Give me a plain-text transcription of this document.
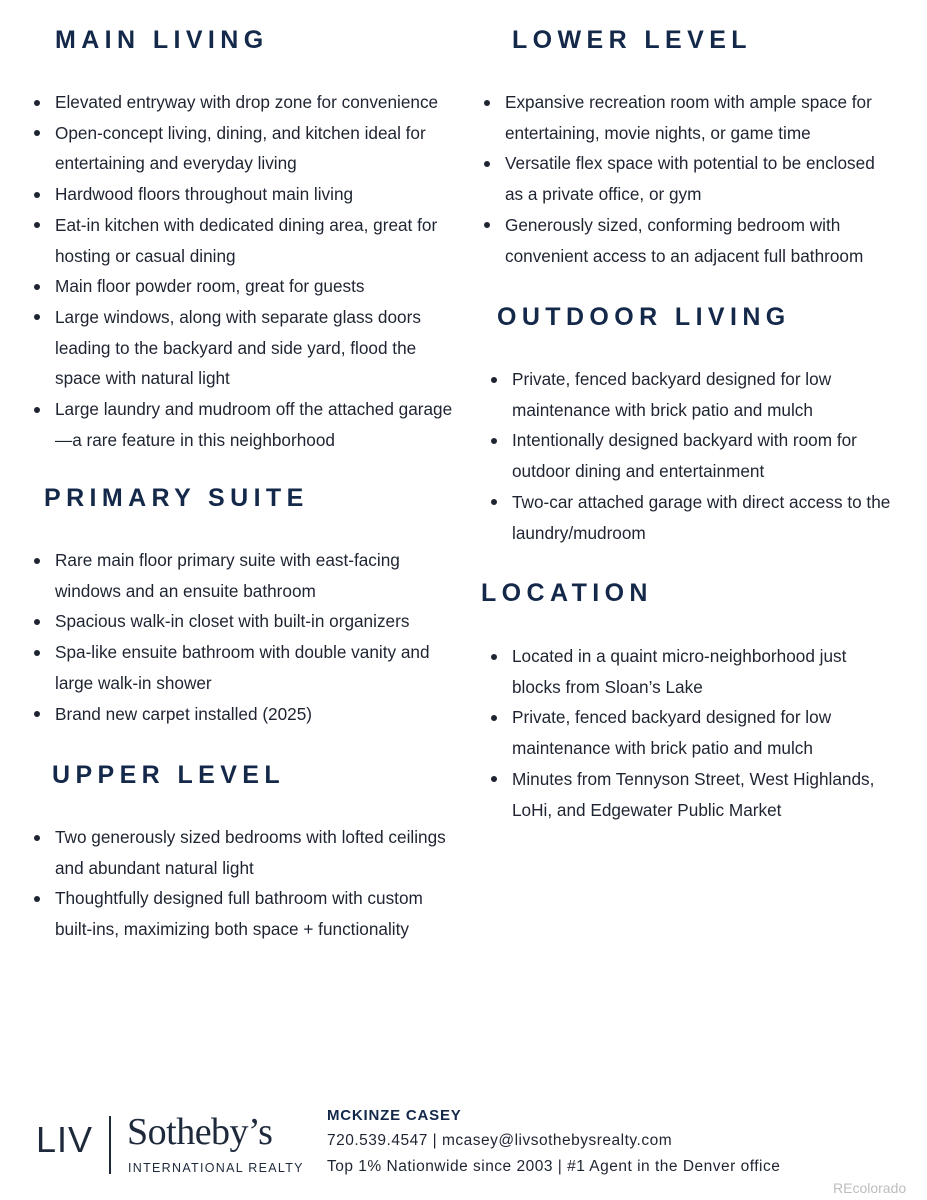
MAIN LIVING
Elevated entryway with drop zone for convenience
Open-concept living, dining, and kitchen ideal for entertaining and everyday living
Hardwood floors throughout main living
Eat-in kitchen with dedicated dining area, great for hosting or casual dining
Main floor powder room, great for guests
Large windows, along with separate glass doors leading to the backyard and side yard, flood the space with natural light
Large laundry and mudroom off the attached garage—a rare feature in this neighborhood
PRIMARY SUITE
Rare main floor primary suite with east-facing windows and an ensuite bathroom
Spacious walk-in closet with built-in organizers
Spa-like ensuite bathroom with double vanity and large walk-in shower
Brand new carpet installed (2025)
UPPER LEVEL
Two generously sized bedrooms with lofted ceilings and abundant natural light
Thoughtfully designed full bathroom with custom built-ins, maximizing both space + functionality
LOWER LEVEL
Expansive recreation room with ample space for entertaining, movie nights, or game time
Versatile flex space with potential to be enclosed as a private office, or gym
Generously sized, conforming bedroom with convenient access to an adjacent full bathroom
OUTDOOR LIVING
Private, fenced backyard designed for low maintenance with brick patio and mulch
Intentionally designed backyard with room for outdoor dining and entertainment
Two-car attached garage with direct access to the laundry/mudroom
LOCATION
Located in a quaint micro-neighborhood just blocks from Sloan’s Lake
Private, fenced backyard designed for low maintenance with brick patio and mulch
Minutes from Tennyson Street, West Highlands, LoHi, and Edgewater Public Market
LIV Sotheby’s
INTERNATIONAL REALTY
MCKINZE CASEY
720.539.4547 | mcasey@livsothebysrealty.com
Top 1% Nationwide since 2003 | #1 Agent in the Denver office
REcolorado
